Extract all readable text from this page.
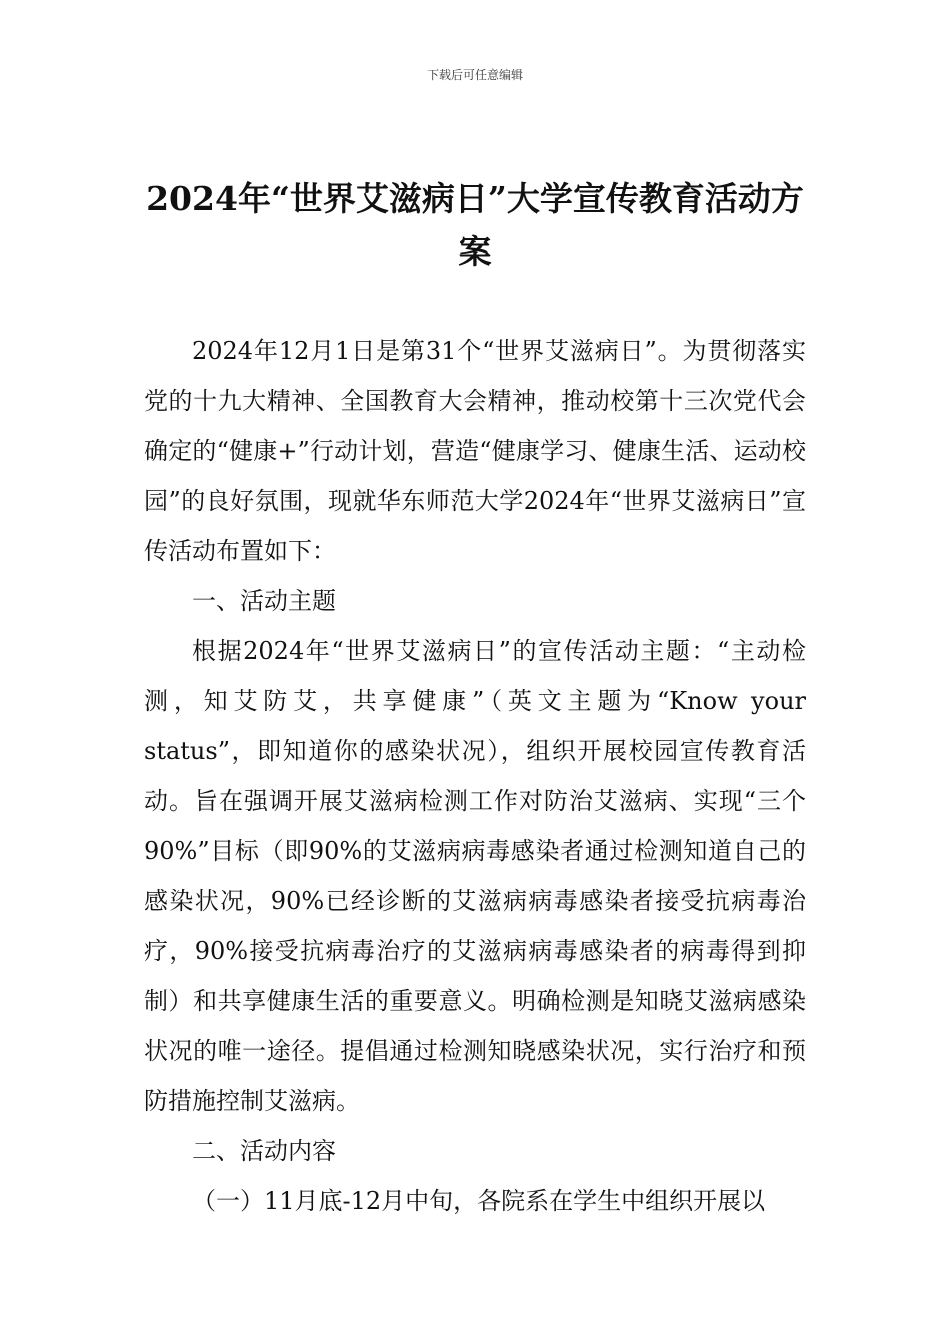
下载后可任意编辑
2024年“世界艾滋病日”大学宣传教育活动方案

2024年12月1日是第31个“世界艾滋病日”。为贯彻落实党的十九大精神、全国教育大会精神，推动校第十三次党代会确定的“健康+”行动计划，营造“健康学习、健康生活、运动校园”的良好氛围，现就华东师范大学2024年“世界艾滋病日”宣传活动布置如下：

一、活动主题

根据2024年“世界艾滋病日”的宣传活动主题：“主动检测，知艾防艾，共享健康”（英文主题为“Know your status”，即知道你的感染状况），组织开展校园宣传教育活动。旨在强调开展艾滋病检测工作对防治艾滋病、实现“三个90%”目标（即90%的艾滋病病毒感染者通过检测知道自己的感染状况，90%已经诊断的艾滋病病毒感染者接受抗病毒治疗，90%接受抗病毒治疗的艾滋病病毒感染者的病毒得到抑制）和共享健康生活的重要意义。明确检测是知晓艾滋病感染状况的唯一途径。提倡通过检测知晓感染状况，实行治疗和预防措施控制艾滋病。

二、活动内容

（一）11月底-12月中旬，各院系在学生中组织开展以
